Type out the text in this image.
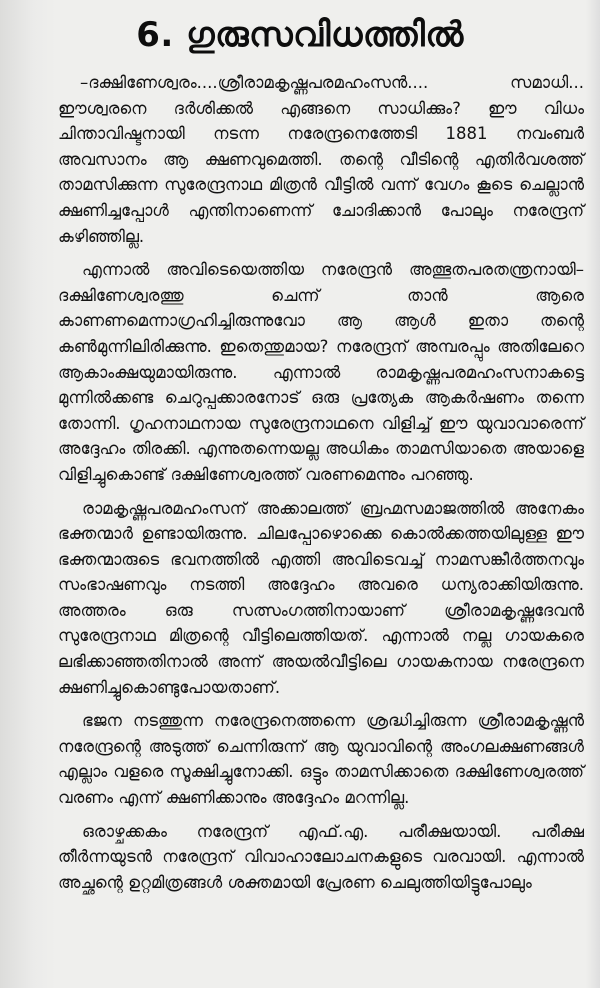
6. ഗുരുസവിധത്തിൽ

–ദക്ഷിണേശ്വരം....ശ്രീരാമകൃഷ്ണപരമഹംസൻ.... സമാധി... ഈശ്വരനെ ദർശിക്കൽ എങ്ങനെ സാധിക്കും? ഈ വിധം ചിന്താവിഷ്ടനായി നടന്ന നരേന്ദ്രനെത്തേടി 1881 നവംബർ അവസാനം ആ ക്ഷണവുമെത്തി. തന്റെ വീടിന്റെ എതിർവശത്ത് താമസിക്കുന്ന സുരേന്ദ്രനാഥ മിത്രൻ വീട്ടിൽ വന്ന് വേഗം കൂടെ ചെല്ലാൻ ക്ഷണിച്ചപ്പോൾ എന്തിനാണെന്ന് ചോദിക്കാൻ പോലും നരേന്ദ്രന് കഴിഞ്ഞില്ല.

എന്നാൽ അവിടെയെത്തിയ നരേന്ദ്രൻ അത്ഭുതപരതന്ത്രനായി–ദക്ഷിണേശ്വരത്തു ചെന്ന് താൻ ആരെ കാണണമെന്നാഗ്രഹിച്ചിരുന്നുവോ ആ ആൾ ഇതാ തന്റെ കൺമുന്നിലിരിക്കുന്നു. ഇതെന്തുമായ? നരേന്ദ്രന് അമ്പരപ്പും അതിലേറെ ആകാംക്ഷയുമായിരുന്നു. എന്നാൽ രാമകൃഷ്ണപരമഹംസനാകട്ടെ മുന്നിൽക്കണ്ട ചെറുപ്പക്കാരനോട് ഒരു പ്രത്യേക ആകർഷണം തന്നെ തോന്നി. ഗൃഹനാഥനായ സുരേന്ദ്രനാഥനെ വിളിച്ച് ഈ യുവാവാരെന്ന് അദ്ദേഹം തിരക്കി. എന്നുതന്നെയല്ല അധികം താമസിയാതെ അയാളെ വിളിച്ചുകൊണ്ട് ദക്ഷിണേശ്വരത്ത് വരണമെന്നും പറഞ്ഞു.

രാമകൃഷ്ണപരമഹംസന് അക്കാലത്ത് ബ്രഹ്മസമാജത്തിൽ അനേകം ഭക്തന്മാർ ഉണ്ടായിരുന്നു. ചിലപ്പോഴൊക്കെ കൊൽക്കത്തയിലുള്ള ഈ ഭക്തന്മാരുടെ ഭവനത്തിൽ എത്തി അവിടെവച്ച് നാമസങ്കീർത്തനവും സംഭാഷണവും നടത്തി അദ്ദേഹം അവരെ ധന്യരാക്കിയിരുന്നു. അത്തരം ഒരു സത്സംഗത്തിനായാണ് ശ്രീരാമകൃഷ്ണദേവൻ സുരേന്ദ്രനാഥ മിത്രന്റെ വീട്ടിലെത്തിയത്. എന്നാൽ നല്ല ഗായകരെ ലഭിക്കാഞ്ഞതിനാൽ അന്ന് അയൽവീട്ടിലെ ഗായകനായ നരേന്ദ്രനെ ക്ഷണിച്ചുകൊണ്ടുപോയതാണ്.

ഭജന നടത്തുന്ന നരേന്ദ്രനെത്തന്നെ ശ്രദ്ധിച്ചിരുന്ന ശ്രീരാമകൃഷ്ണൻ നരേന്ദ്രന്റെ അടുത്ത് ചെന്നിരുന്ന് ആ യുവാവിന്റെ അംഗലക്ഷണങ്ങൾ എല്ലാം വളരെ സൂക്ഷിച്ചുനോക്കി. ഒട്ടും താമസിക്കാതെ ദക്ഷിണേശ്വരത്ത് വരണം എന്ന് ക്ഷണിക്കാനും അദ്ദേഹം മറന്നില്ല.

ഒരാഴ്ചക്കകം നരേന്ദ്രന് എഫ്.എ. പരീക്ഷയായി. പരീക്ഷ തീർന്നയുടൻ നരേന്ദ്രന് വിവാഹാലോചനകളുടെ വരവായി. എന്നാൽ അച്ഛന്റെ ഉറ്റമിത്രങ്ങൾ ശക്തമായി പ്രേരണ ചെലുത്തിയിട്ടുപോലും
